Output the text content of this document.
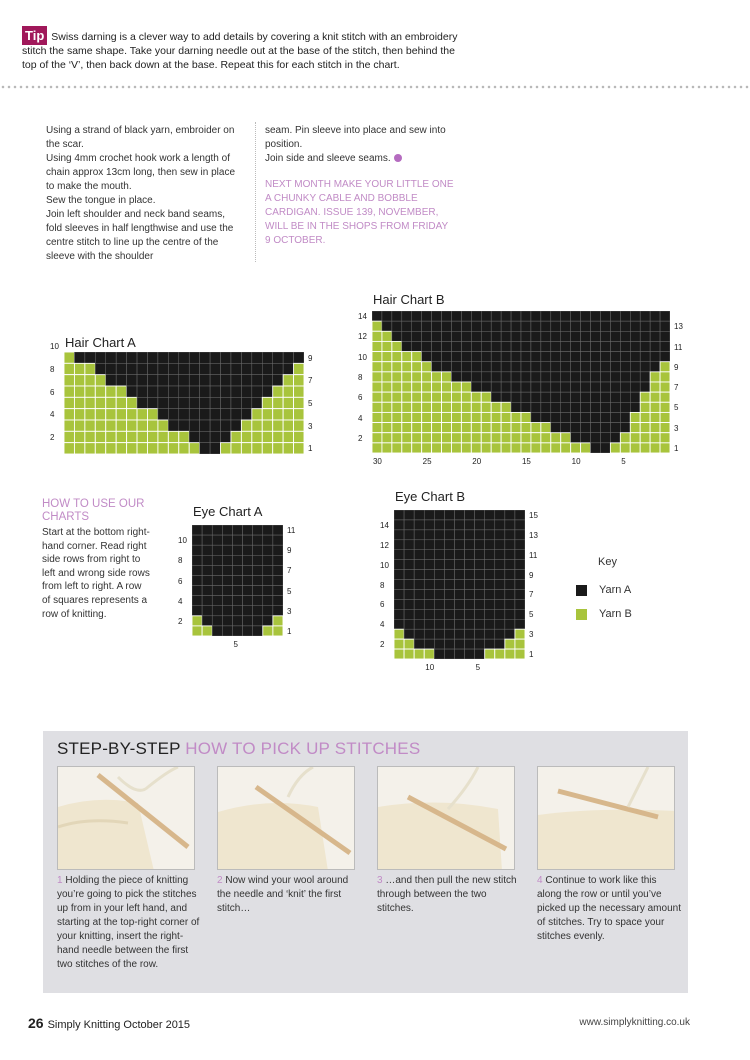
Tip Swiss darning is a clever way to add details by covering a knit stitch with an embroidery stitch the same shape. Take your darning needle out at the base of the stitch, then behind the top of the ‘V’, then back down at the base. Repeat this for each stitch in the chart.

Using a strand of black yarn, embroider on the scar.

Using 4mm crochet hook work a length of chain approx 13cm long, then sew in place to make the mouth.

Sew the tongue in place.

Join left shoulder and neck band seams, fold sleeves in half lengthwise and use the centre stitch to line up the centre of the sleeve with the shoulder

seam. Pin sleeve into place and sew into position.

Join side and sleeve seams.

NEXT MONTH MAKE YOUR LITTLE ONE A CHUNKY CABLE AND BOBBLE CARDIGAN. ISSUE 139, NOVEMBER, WILL BE IN THE SHOPS FROM FRIDAY 9 OCTOBER.

Hair Chart A
Hair Chart B
Eye Chart A
Eye Chart B
HOW TO USE OUR CHARTS

Start at the bottom right-hand corner. Read right side rows from right to left and wrong side rows from left to right. A row of squares represents a row of knitting.

Key
Yarn A
Yarn B
STEP-BY-STEP HOW TO PICK UP STITCHES
1 Holding the piece of knitting you’re going to pick the stitches up from in your left hand, and starting at the top-right corner of your knitting, insert the right-hand needle between the first two stitches of the row.
2 Now wind your wool around the needle and ‘knit’ the first stitch…
3 …and then pull the new stitch through between the two stitches.
4 Continue to work like this along the row or until you’ve picked up the necessary amount of stitches. Try to space your stitches evenly.
26 Simply Knitting October 2015	www.simplyknitting.co.uk
10
8
6
4
2
9
7
5
3
1
14
12
10
8
6
4
2
13
11
9
7
5
3
1
30	25	20	15	10	5
10
8
6
4
2
11
9
7
5
3
1
5
14
12
10
8
6
4
2
15
13
11
9
7
5
3
1
10	5
